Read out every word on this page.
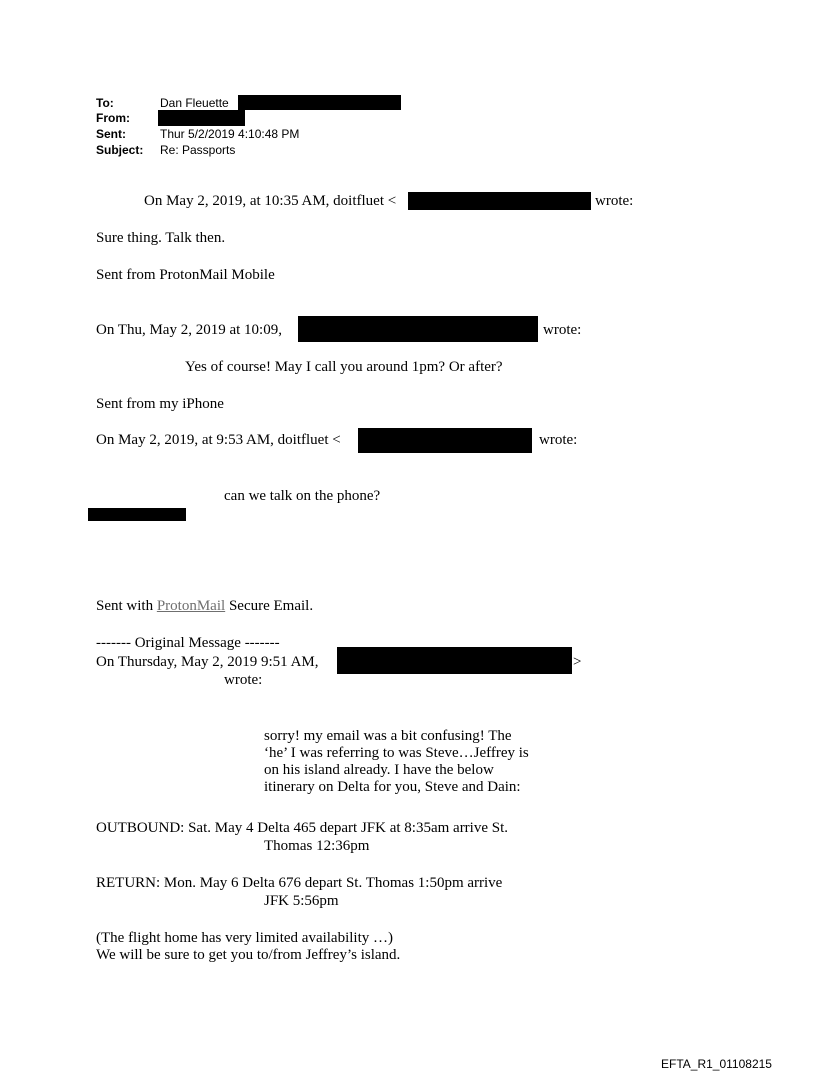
To:	Dan Fleuette
From:
Sent:	Thur 5/2/2019 4:10:48 PM
Subject: Re: Passports
On May 2, 2019, at 10:35 AM, doitfluet <	wrote:
Sure thing. Talk then.
Sent from ProtonMail Mobile
On Thu, May 2, 2019 at 10:09,	wrote:
Yes of course! May I call you around 1pm? Or after?
Sent from my iPhone
On May 2, 2019, at 9:53 AM, doitfluet <	wrote:
can we talk on the phone?
Sent with ProtonMail Secure Email.
------- Original Message -------
On Thursday, May 2, 2019 9:51 AM,	>
wrote:
sorry! my email was a bit confusing! The
‘he’ I was referring to was Steve…Jeffrey is
on his island already. I have the below
itinerary on Delta for you, Steve and Dain:
OUTBOUND: Sat. May 4 Delta 465 depart JFK at 8:35am arrive St.
Thomas 12:36pm
RETURN: Mon. May 6 Delta 676 depart St. Thomas 1:50pm arrive
JFK 5:56pm
(The flight home has very limited availability …)
We will be sure to get you to/from Jeffrey’s island.
EFTA_R1_01108215
